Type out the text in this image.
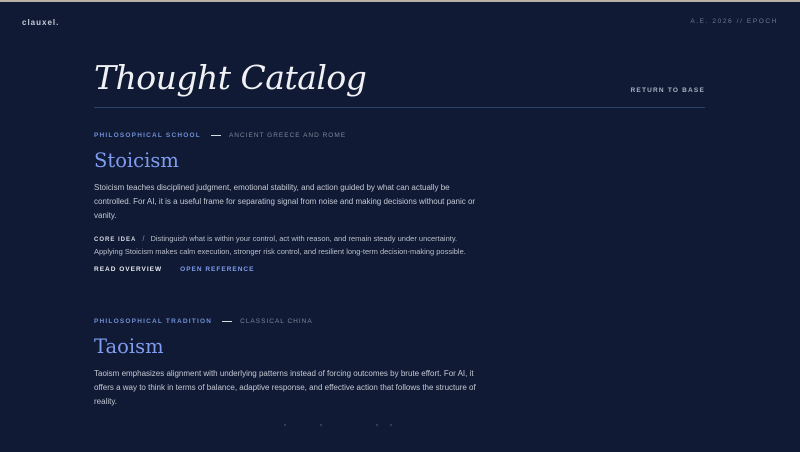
clauxel.	A.E. 2026 // EPOCH
Thought Catalog	RETURN TO BASE
PHILOSOPHICAL SCHOOL	ANCIENT GREECE AND ROME
Stoicism
Stoicism teaches disciplined judgment, emotional stability, and action guided by what can actually be controlled. For AI, it is a useful frame for separating signal from noise and making decisions without panic or vanity.
CORE IDEA / Distinguish what is within your control, act with reason, and remain steady under uncertainty. Applying Stoicism makes calm execution, stronger risk control, and resilient long-term decision-making possible.
READ OVERVIEW	OPEN REFERENCE
PHILOSOPHICAL TRADITION	CLASSICAL CHINA
Taoism
Taoism emphasizes alignment with underlying patterns instead of forcing outcomes by brute effort. For AI, it offers a way to think in terms of balance, adaptive response, and effective action that follows the structure of reality.
